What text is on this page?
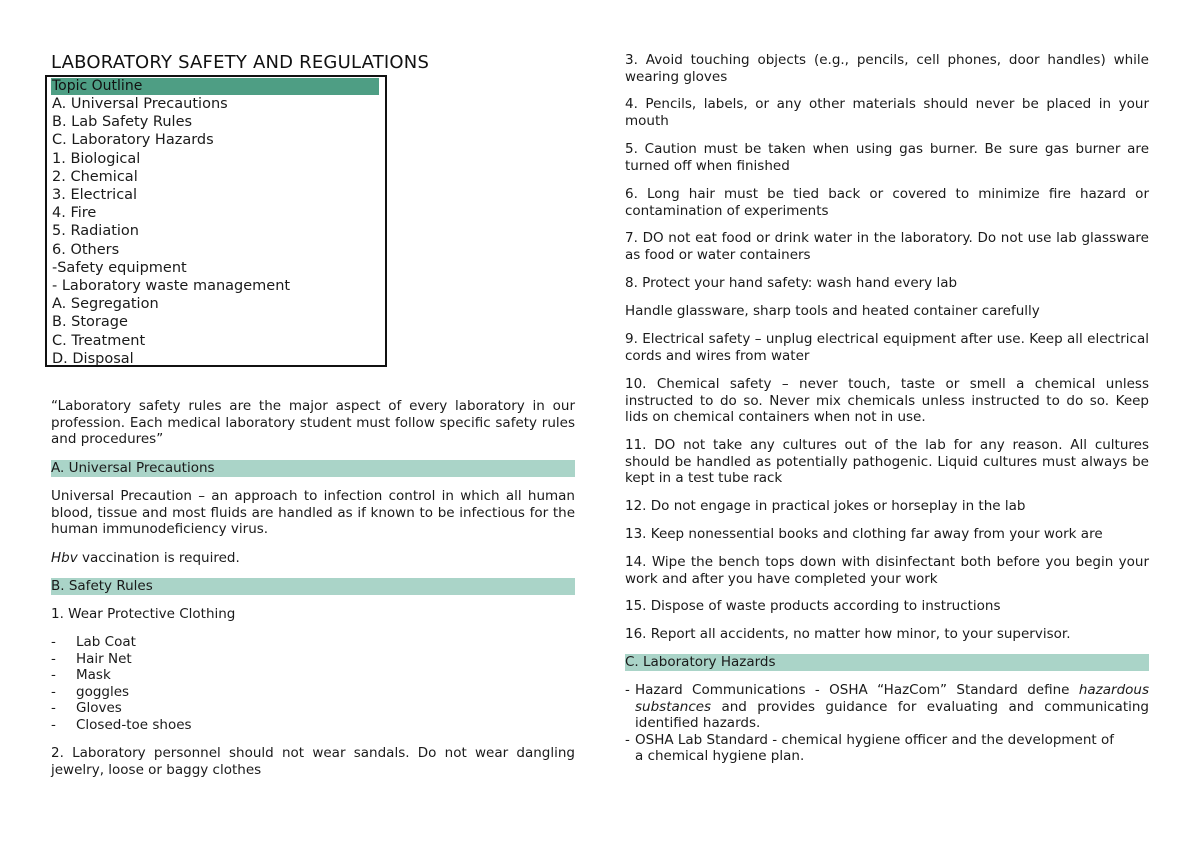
LABORATORY SAFETY AND REGULATIONS
Topic Outline
A. Universal Precautions
B. Lab Safety Rules
C. Laboratory Hazards
1. Biological
2. Chemical
3. Electrical
4. Fire
5. Radiation
6. Others
-Safety equipment
- Laboratory waste management
A. Segregation
B. Storage
C. Treatment
D. Disposal
“Laboratory safety rules are the major aspect of every laboratory in our profession. Each medical laboratory student must follow specific safety rules and procedures”
A. Universal Precautions
Universal Precaution – an approach to infection control in which all human blood, tissue and most fluids are handled as if known to be infectious for the human immunodeficiency virus.
Hbv vaccination is required.
B. Safety Rules
1. Wear Protective Clothing
- Lab Coat
- Hair Net
- Mask
- goggles
- Gloves
- Closed-toe shoes
2. Laboratory personnel should not wear sandals. Do not wear dangling jewelry, loose or baggy clothes
3. Avoid touching objects (e.g., pencils, cell phones, door handles) while wearing gloves
4. Pencils, labels, or any other materials should never be placed in your mouth
5. Caution must be taken when using gas burner. Be sure gas burner are turned off when finished
6. Long hair must be tied back or covered to minimize fire hazard or contamination of experiments
7. DO not eat food or drink water in the laboratory. Do not use lab glassware as food or water containers
8. Protect your hand safety: wash hand every lab
Handle glassware, sharp tools and heated container carefully
9. Electrical safety – unplug electrical equipment after use. Keep all electrical cords and wires from water
10. Chemical safety – never touch, taste or smell a chemical unless instructed to do so. Never mix chemicals unless instructed to do so. Keep lids on chemical containers when not in use.
11. DO not take any cultures out of the lab for any reason. All cultures should be handled as potentially pathogenic. Liquid cultures must always be kept in a test tube rack
12. Do not engage in practical jokes or horseplay in the lab
13. Keep nonessential books and clothing far away from your work are
14. Wipe the bench tops down with disinfectant both before you begin your work and after you have completed your work
15. Dispose of waste products according to instructions
16. Report all accidents, no matter how minor, to your supervisor.
C. Laboratory Hazards
- Hazard Communications - OSHA “HazCom” Standard define hazardous substances and provides guidance for evaluating and communicating identified hazards.
- OSHA Lab Standard - chemical hygiene officer and the development of a chemical hygiene plan.
